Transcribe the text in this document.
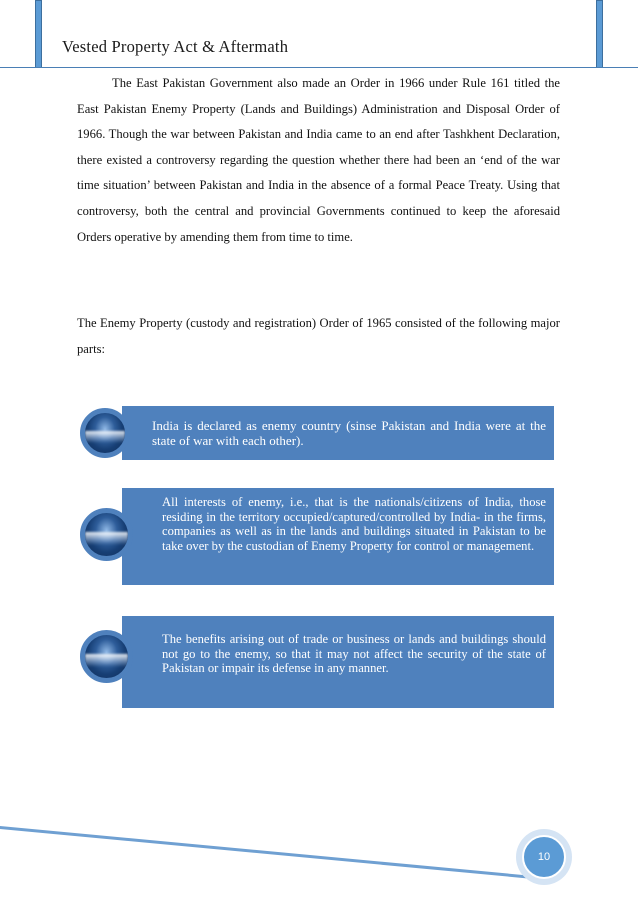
Vested Property Act & Aftermath

The East Pakistan Government also made an Order in 1966 under Rule 161 titled the East Pakistan Enemy Property (Lands and Buildings) Administration and Disposal Order of 1966. Though the war between Pakistan and India came to an end after Tashkhent Declaration, there existed a controversy regarding the question whether there had been an ‘end of the war time situation’ between Pakistan and India in the absence of a formal Peace Treaty. Using that controversy, both the central and provincial Governments continued to keep the aforesaid Orders operative by amending them from time to time.

The Enemy Property (custody and registration) Order of 1965 consisted of the following major parts:

India is declared as enemy country (sinse Pakistan and India were at the state of war with each other).
All interests of enemy, i.e., that is the nationals/citizens of India, those residing in the territory occupied/captured/controlled by India- in the firms, companies as well as in the lands and buildings situated in Pakistan to be take over by the custodian of Enemy Property for control or management.
The benefits arising out of trade or business or lands and buildings should not go to the enemy, so that it may not affect the security of the state of Pakistan or impair its defense in any manner.
10
